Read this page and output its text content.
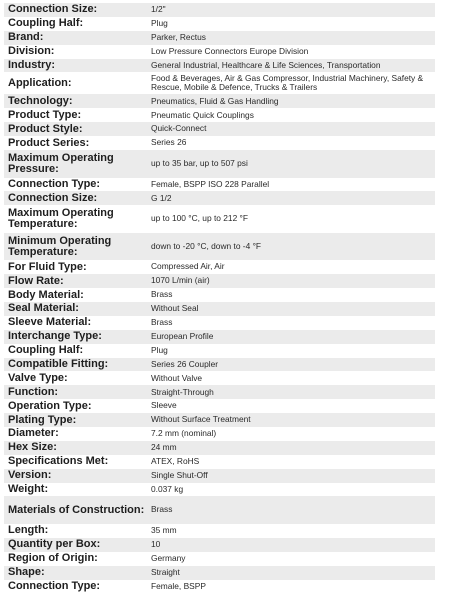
Connection Size:	1/2"
Coupling Half:	Plug
Brand:	Parker, Rectus
Division:	Low Pressure Connectors Europe Division
Industry:	General Industrial, Healthcare & Life Sciences, Transportation
Application:	Food & Beverages, Air & Gas Compressor, Industrial Machinery, Safety & Rescue, Mobile & Defence, Trucks & Trailers
Technology:	Pneumatics, Fluid & Gas Handling
Product Type:	Pneumatic Quick Couplings
Product Style:	Quick-Connect
Product Series:	Series 26
Maximum Operating Pressure:	up to 35 bar, up to 507 psi
Connection Type:	Female, BSPP ISO 228 Parallel
Connection Size:	G 1/2
Maximum Operating Temperature:	up to 100 °C, up to 212 °F
Minimum Operating Temperature:	down to -20 °C, down to -4 °F
For Fluid Type:	Compressed Air, Air
Flow Rate:	1070 L/min (air)
Body Material:	Brass
Seal Material:	Without Seal
Sleeve Material:	Brass
Interchange Type:	European Profile
Coupling Half:	Plug
Compatible Fitting:	Series 26 Coupler
Valve Type:	Without Valve
Function:	Straight-Through
Operation Type:	Sleeve
Plating Type:	Without Surface Treatment
Diameter:	7.2 mm (nominal)
Hex Size:	24 mm
Specifications Met:	ATEX, RoHS
Version:	Single Shut-Off
Weight:	0.037 kg
Materials of Construction:	Brass
Length:	35 mm
Quantity per Box:	10
Region of Origin:	Germany
Shape:	Straight
Connection Type:	Female, BSPP
